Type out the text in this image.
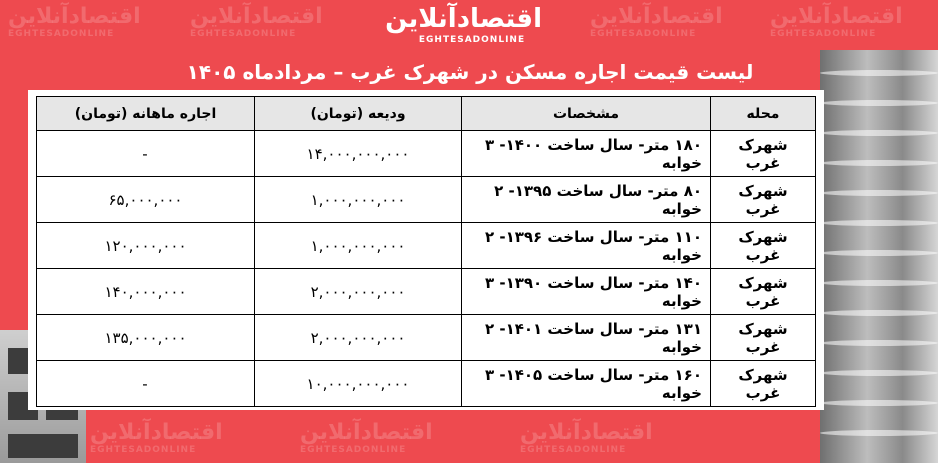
اقتصادآنلاین
EGHTESADONLINE
اقتصادآنلاین
EGHTESADONLINE
اقتصادآنلاین
EGHTESADONLINE
اقتصادآنلاین
EGHTESADONLINE
اقتصادآنلاین
EGHTESADONLINE
اقتصادآنلاین
EGHTESADONLINE
اقتصادآنلاین
EGHTESADONLINE
اقتصادآنلاین
EGHTESADONLINE
لیست قیمت اجاره مسکن در شهرک غرب – مردادماه ۱۴۰۵
محله	مشخصات	ودیعه (تومان)	اجاره ماهانه (تومان)
شهرک غرب	۱۸۰ متر- سال ساخت ۱۴۰۰- ۳ خوابه	۱۴,۰۰۰,۰۰۰,۰۰۰	-
شهرک غرب	۸۰ متر- سال ساخت ۱۳۹۵- ۲ خوابه	۱,۰۰۰,۰۰۰,۰۰۰	۶۵,۰۰۰,۰۰۰
شهرک غرب	۱۱۰ متر- سال ساخت ۱۳۹۶- ۲ خوابه	۱,۰۰۰,۰۰۰,۰۰۰	۱۲۰,۰۰۰,۰۰۰
شهرک غرب	۱۴۰ متر- سال ساخت ۱۳۹۰- ۳ خوابه	۲,۰۰۰,۰۰۰,۰۰۰	۱۴۰,۰۰۰,۰۰۰
شهرک غرب	۱۳۱ متر- سال ساخت ۱۴۰۱- ۲ خوابه	۲,۰۰۰,۰۰۰,۰۰۰	۱۳۵,۰۰۰,۰۰۰
شهرک غرب	۱۶۰ متر- سال ساخت ۱۴۰۵- ۳ خوابه	۱۰,۰۰۰,۰۰۰,۰۰۰	-
